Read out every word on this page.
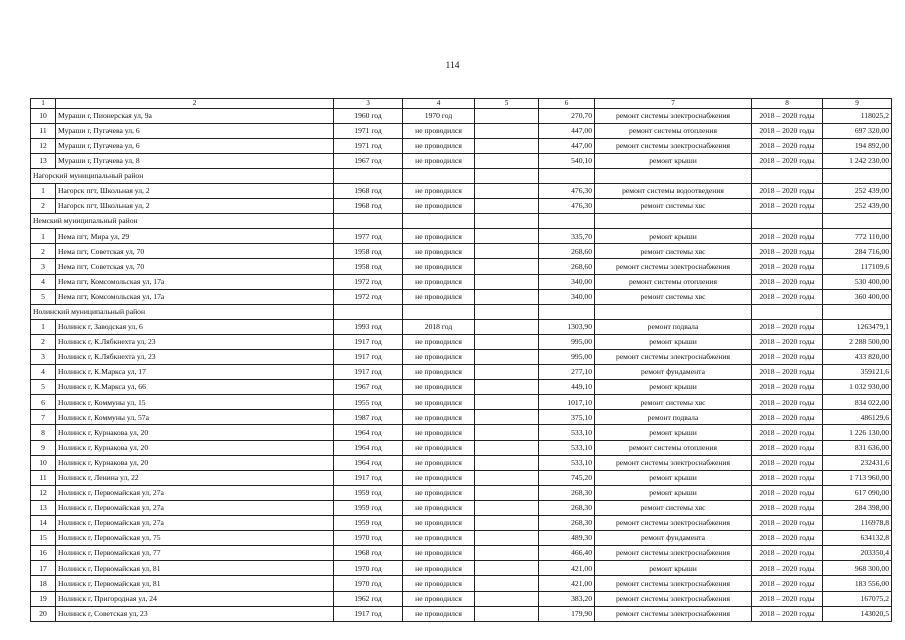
114
1	2	3	4	5	6	7	8	9
10	Мураши г, Пионерская ул, 9а	1960 год	1970 год		270,70	ремонт системы электроснабжения	2018 – 2020 годы	118025,2
11	Мураши г, Пугачева ул, 6	1971 год	не проводился		447,00	ремонт системы отопления	2018 – 2020 годы	697 320,00
12	Мураши г, Пугачева ул, 6	1971 год	не проводился		447,00	ремонт системы электроснабжения	2018 – 2020 годы	194 892,00
13	Мураши г, Пугачева ул, 8	1967 год	не проводился		540,10	ремонт крыши	2018 – 2020 годы	1 242 230,00
Нагорский муниципальный район								
1	Нагорск пгт, Школьная ул, 2	1968 год	не проводился		476,30	ремонт системы водоотведения	2018 – 2020 годы	252 439,00
2	Нагорск пгт, Школьная ул, 2	1968 год	не проводился		476,30	ремонт системы хвс	2018 – 2020 годы	252 439,00
Немский муниципальный район								
1	Нема пгт, Мира ул, 29	1977 год	не проводился		335,70	ремонт крыши	2018 – 2020 годы	772 110,00
2	Нема пгт, Советская ул, 70	1958 год	не проводился		268,60	ремонт системы хвс	2018 – 2020 годы	284 716,00
3	Нема пгт, Советская ул, 70	1958 год	не проводился		268,60	ремонт системы электроснабжения	2018 – 2020 годы	117109,6
4	Нема пгт, Комсомольская ул, 17а	1972 год	не проводился		340,00	ремонт системы отопления	2018 – 2020 годы	530 400,00
5	Нема пгт, Комсомольская ул, 17а	1972 год	не проводился		340,00	ремонт системы хвс	2018 – 2020 годы	360 400,00
Нолинский муниципальный район								
1	Нолинск г, Заводская ул, 6	1993 год	2018 год		1303,90	ремонт подвала	2018 – 2020 годы	1263479,1
2	Нолинск г, К.Лябкнехта ул, 23	1917 год	не проводился		995,00	ремонт крыши	2018 – 2020 годы	2 288 500,00
3	Нолинск г, К.Лябкнехта ул, 23	1917 год	не проводился		995,00	ремонт системы электроснабжения	2018 – 2020 годы	433 820,00
4	Нолинск г, К.Маркса ул, 17	1917 год	не проводился		277,10	ремонт фундамента	2018 – 2020 годы	359121,6
5	Нолинск г, К.Маркса ул, 66	1967 год	не проводился		449,10	ремонт крыши	2018 – 2020 годы	1 032 930,00
6	Нолинск г, Коммуны ул, 15	1955 год	не проводился		1017,10	ремонт системы хвс	2018 – 2020 годы	834 022,00
7	Нолинск г, Коммуны ул, 57а	1987 год	не проводился		375,10	ремонт подвала	2018 – 2020 годы	486129,6
8	Нолинск г, Курнакова ул, 20	1964 год	не проводился		533,10	ремонт крыши	2018 – 2020 годы	1 226 130,00
9	Нолинск г, Курнакова ул, 20	1964 год	не проводился		533,10	ремонт системы отопления	2018 – 2020 годы	831 636,00
10	Нолинск г, Курнакова ул, 20	1964 год	не проводился		533,10	ремонт системы электроснабжения	2018 – 2020 годы	232431,6
11	Нолинск г, Ленина ул, 22	1917 год	не проводился		745,20	ремонт крыши	2018 – 2020 годы	1 713 960,00
12	Нолинск г, Первомайская ул, 27а	1959 год	не проводился		268,30	ремонт крыши	2018 – 2020 годы	617 090,00
13	Нолинск г, Первомайская ул, 27а	1959 год	не проводился		268,30	ремонт системы хвс	2018 – 2020 годы	284 398,00
14	Нолинск г, Первомайская ул, 27а	1959 год	не проводился		268,30	ремонт системы электроснабжения	2018 – 2020 годы	116978,8
15	Нолинск г, Первомайская ул, 75	1970 год	не проводился		489,30	ремонт фундамента	2018 – 2020 годы	634132,8
16	Нолинск г, Первомайская ул, 77	1968 год	не проводился		466,40	ремонт системы электроснабжения	2018 – 2020 годы	203350,4
17	Нолинск г, Первомайская ул, 81	1970 год	не проводился		421,00	ремонт крыши	2018 – 2020 годы	968 300,00
18	Нолинск г, Первомайская ул, 81	1970 год	не проводился		421,00	ремонт системы электроснабжения	2018 – 2020 годы	183 556,00
19	Нолинск г, Пригородная ул, 24	1962 год	не проводился		383,20	ремонт системы электроснабжения	2018 – 2020 годы	167075,2
20	Нолинск г, Советская ул, 23	1917 год	не проводился		179,90	ремонт системы электроснабжения	2018 – 2020 годы	143020,5
